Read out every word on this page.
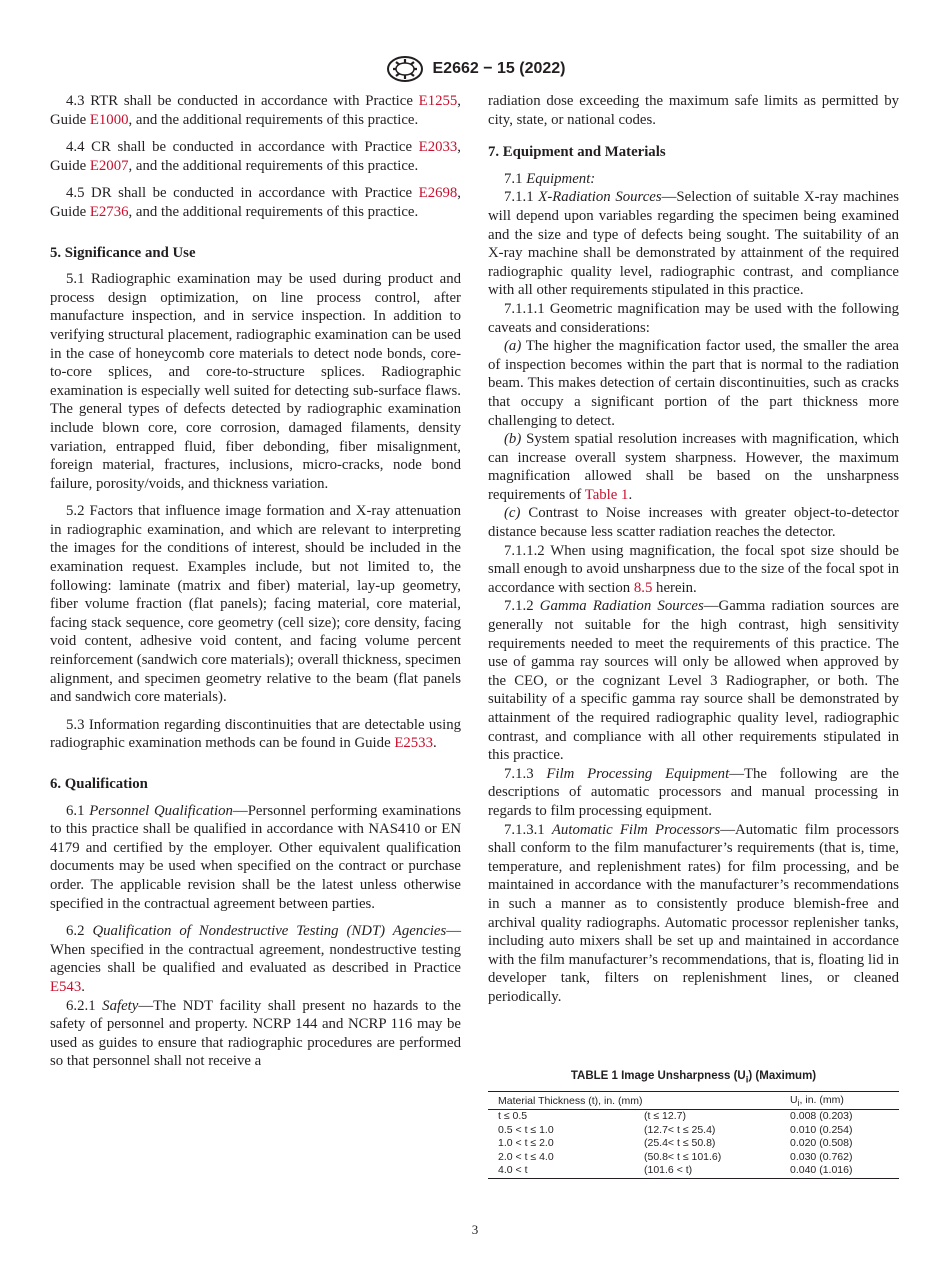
E2662 − 15 (2022)

4.3 RTR shall be conducted in accordance with Practice E1255, Guide E1000, and the additional requirements of this practice.

4.4 CR shall be conducted in accordance with Practice E2033, Guide E2007, and the additional requirements of this practice.

4.5 DR shall be conducted in accordance with Practice E2698, Guide E2736, and the additional requirements of this practice.

5. Significance and Use

5.1 Radiographic examination may be used during product and process design optimization, on line process control, after manufacture inspection, and in service inspection. In addition to verifying structural placement, radiographic examination can be used in the case of honeycomb core materials to detect node bonds, core-to-core splices, and core-to-structure splices. Radiographic examination is especially well suited for detecting sub-surface flaws. The general types of defects detected by radiographic examination include blown core, core corrosion, damaged filaments, density variation, entrapped fluid, fiber debonding, fiber misalignment, foreign material, fractures, inclusions, micro-cracks, node bond failure, porosity/voids, and thickness variation.

5.2 Factors that influence image formation and X-ray attenuation in radiographic examination, and which are relevant to interpreting the images for the conditions of interest, should be included in the examination request. Examples include, but not limited to, the following: laminate (matrix and fiber) material, lay-up geometry, fiber volume fraction (flat panels); facing material, core material, facing stack sequence, core geometry (cell size); core density, facing void content, adhesive void content, and facing volume percent reinforcement (sandwich core materials); overall thickness, specimen alignment, and specimen geometry relative to the beam (flat panels and sandwich core materials).

5.3 Information regarding discontinuities that are detectable using radiographic examination methods can be found in Guide E2533.

6. Qualification

6.1 Personnel Qualification—Personnel performing examinations to this practice shall be qualified in accordance with NAS410 or EN 4179 and certified by the employer. Other equivalent qualification documents may be used when specified on the contract or purchase order. The applicable revision shall be the latest unless otherwise specified in the contractual agreement between parties.

6.2 Qualification of Nondestructive Testing (NDT) Agencies—When specified in the contractual agreement, nondestructive testing agencies shall be qualified and evaluated as described in Practice E543.

6.2.1 Safety—The NDT facility shall present no hazards to the safety of personnel and property. NCRP 144 and NCRP 116 may be used as guides to ensure that radiographic procedures are performed so that personnel shall not receive a

radiation dose exceeding the maximum safe limits as permitted by city, state, or national codes.

7. Equipment and Materials

7.1 Equipment:

7.1.1 X-Radiation Sources—Selection of suitable X-ray machines will depend upon variables regarding the specimen being examined and the size and type of defects being sought. The suitability of an X-ray machine shall be demonstrated by attainment of the required radiographic quality level, radiographic contrast, and compliance with all other requirements stipulated in this practice.

7.1.1.1 Geometric magnification may be used with the following caveats and considerations:

(a) The higher the magnification factor used, the smaller the area of inspection becomes within the part that is normal to the radiation beam. This makes detection of certain discontinuities, such as cracks that occupy a significant portion of the part thickness more challenging to detect.

(b) System spatial resolution increases with magnification, which can increase overall system sharpness. However, the maximum magnification allowed shall be based on the unsharpness requirements of Table 1.

(c) Contrast to Noise increases with greater object-to-detector distance because less scatter radiation reaches the detector.

7.1.1.2 When using magnification, the focal spot size should be small enough to avoid unsharpness due to the size of the focal spot in accordance with section 8.5 herein.

7.1.2 Gamma Radiation Sources—Gamma radiation sources are generally not suitable for the high contrast, high sensitivity requirements needed to meet the requirements of this practice. The use of gamma ray sources will only be allowed when approved by the CEO, or the cognizant Level 3 Radiographer, or both. The suitability of a specific gamma ray source shall be demonstrated by attainment of the required radiographic quality level, radiographic contrast, and compliance with all other requirements stipulated in this practice.

7.1.3 Film Processing Equipment—The following are the descriptions of automatic processors and manual processing in regards to film processing equipment.

7.1.3.1 Automatic Film Processors—Automatic film processors shall conform to the film manufacturer’s requirements (that is, time, temperature, and replenishment rates) for film processing, and be maintained in accordance with the manufacturer’s recommendations in such a manner as to consistently produce blemish-free and archival quality radiographs. Automatic processor replenisher tanks, including auto mixers shall be set up and maintained in accordance with the film manufacturer’s recommendations, that is, floating lid in developer tank, filters on replenishment lines, or cleaned periodically.

TABLE 1 Image Unsharpness $(U_i)$ (Maximum)
Material Thickness (t), in. (mm)		$U_i$, in. (mm)
t ≤ 0.5	(t ≤ 12.7)	0.008 (0.203)
0.5 < t ≤ 1.0	(12.7< t ≤ 25.4)	0.010 (0.254)
1.0 < t ≤ 2.0	(25.4< t ≤ 50.8)	0.020 (0.508)
2.0 < t ≤ 4.0	(50.8< t ≤ 101.6)	0.030 (0.762)
4.0 < t	(101.6 < t)	0.040 (1.016)
3
